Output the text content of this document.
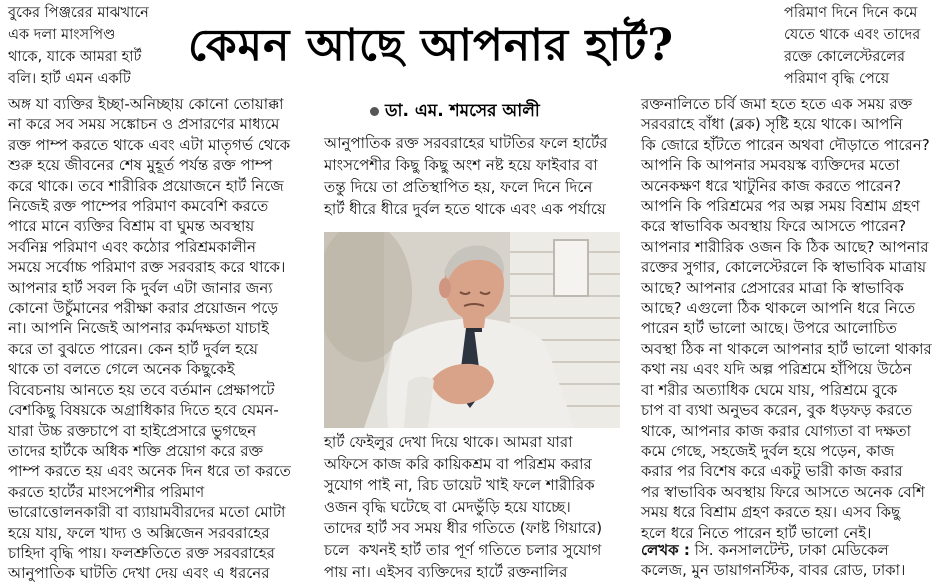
বুকের পিঞ্জরের মাঝখানে
এক দলা মাংসপিণ্ড
থাকে, যাকে আমরা হার্ট
বলি। হার্ট এমন একটি
অঙ্গ যা ব্যক্তির ইচ্ছা-অনিচ্ছায় কোনো তোয়াক্কা
না করে সব সময় সঙ্কোচন ও প্রসারণের মাধ্যমে
রক্ত পাম্প করতে থাকে এবং এটা মাতৃগর্ভ থেকে
শুরু হয়ে জীবনের শেষ মুহূর্ত পর্যন্ত রক্ত পাম্প
করে থাকে। তবে শারীরিক প্রয়োজনে হার্ট নিজে
নিজেই রক্ত পাম্পের পরিমাণ কমবেশি করতে
পারে মানে ব্যক্তির বিশ্রাম বা ঘুমন্ত অবস্থায়
সর্বনিম্ন পরিমাণ এবং কঠোর পরিশ্রমকালীন
সময়ে সর্বোচ্চ পরিমাণ রক্ত সরবরাহ করে থাকে।
আপনার হার্ট সবল কি দুর্বল এটা জানার জন্য
কোনো উচুঁমানের পরীক্ষা করার প্রয়োজন পড়ে
না। আপনি নিজেই আপনার কর্মদক্ষতা যাচাই
করে তা বুঝতে পারেন। কেন হার্ট দুর্বল হয়ে
থাকে তা বলতে গেলে অনেক কিছুকেই
বিবেচনায় আনতে হয় তবে বর্তমান প্রেক্ষাপটে
বেশকিছু বিষয়কে অগ্রাধিকার দিতে হবে যেমন-
যারা উচ্চ রক্তচাপে বা হাইপ্রেসারে ভুগছেন
তাদের হার্টকে অধিক শক্তি প্রয়োগ করে রক্ত
পাম্প করতে হয় এবং অনেক দিন ধরে তা করতে
করতে হার্টের মাংসপেশীর পরিমাণ
ভারোত্তোলনকারী বা ব্যায়ামবীরদের মতো মোটা
হয়ে যায়, ফলে খাদ্য ও অক্সিজেন সরবরাহের
চাহিদা বৃদ্ধি পায়। ফলশ্রুতিতে রক্ত সরবরাহের
আনুপাতিক ঘাটতি দেখা দেয় এবং এ ধরনের
কেমন আছে আপনার হার্ট?
ডা. এম. শমসের আলী
আনুপাতিক রক্ত সরবরাহের ঘাটতির ফলে হার্টের
মাংসপেশীর কিছু কিছু অংশ নষ্ট হয়ে ফাইবার বা
তন্তু দিয়ে তা প্রতিস্থাপিত হয়, ফলে দিনে দিনে
হার্ট ধীরে ধীরে দুর্বল হতে থাকে এবং এক পর্যায়ে
হার্ট ফেইলুর দেখা দিয়ে থাকে। আমরা যারা
অফিসে কাজ করি কায়িকশ্রম বা পরিশ্রম করার
সুযোগ পাই না, রিচ ডায়েট খাই ফলে শারীরিক
ওজন বৃদ্ধি ঘটেছে বা মেদভুঁড়ি হয়ে যাচ্ছে।
তাদের হার্ট সব সময় ধীর গতিতে (ফাষ্ট গিয়ারে)
চলে  কখনই হার্ট তার পূর্ণ গতিতে চলার সুযোগ
পায় না। এইসব ব্যক্তিদের হার্টে রক্তনালির
পরিমাণ দিনে দিনে কমে
যেতে থাকে এবং তাদের
রক্তে কোলেস্টেরলের
পরিমাণ বৃদ্ধি পেয়ে
রক্তনালিতে চর্বি জমা হতে হতে এক সময় রক্ত
সরবরাহে বাঁধা (ব্লক) সৃষ্টি হয়ে থাকে। আপনি
কি জোরে হাঁটতে পারেন অথবা দৌড়াতে পারেন?
আপনি কি আপনার সমবয়স্ক ব্যক্তিদের মতো
অনেকক্ষণ ধরে খাটুনির কাজ করতে পারেন?
আপনি কি পরিশ্রমের পর অল্প সময় বিশ্রাম গ্রহণ
করে স্বাভাবিক অবস্থায় ফিরে আসতে পারেন?
আপনার শারীরিক ওজন কি ঠিক আছে? আপনার
রক্তের সুগার, কোলেস্টেরলে কি স্বাভাবিক মাত্রায়
আছে? আপনার প্রেসারের মাত্রা কি স্বাভাবিক
আছে? এগুলো ঠিক থাকলে আপনি ধরে নিতে
পারেন হার্ট ভালো আছে। উপরে আলোচিত
অবস্থা ঠিক না থাকলে আপনার হার্ট ভালো থাকার
কথা নয় এবং যদি অল্প পরিশ্রমে হাঁপিয়ে উঠেন
বা শরীর অত্যাধিক ঘেমে যায়, পরিশ্রমে বুকে
চাপ বা ব্যথা অনুভব করেন, বুক ধড়ফড় করতে
থাকে, আপনার কাজ করার যোগ্যতা বা দক্ষতা
কমে গেছে, সহজেই দুর্বল হয়ে পড়েন, কাজ
করার পর বিশেষ করে একটু ভারী কাজ করার
পর স্বাভাবিক অবস্থায় ফিরে আসতে অনেক বেশি
সময় ধরে বিশ্রাম গ্রহণ করতে হয়। এসব কিছু
হলে ধরে নিতে পারেন হার্ট ভালো নেই।
লেখক : সি. কনসালটেন্ট, ঢাকা মেডিকেল
কলেজ, মুন ডায়াগনস্টিক, বাবর রোড, ঢাকা।
